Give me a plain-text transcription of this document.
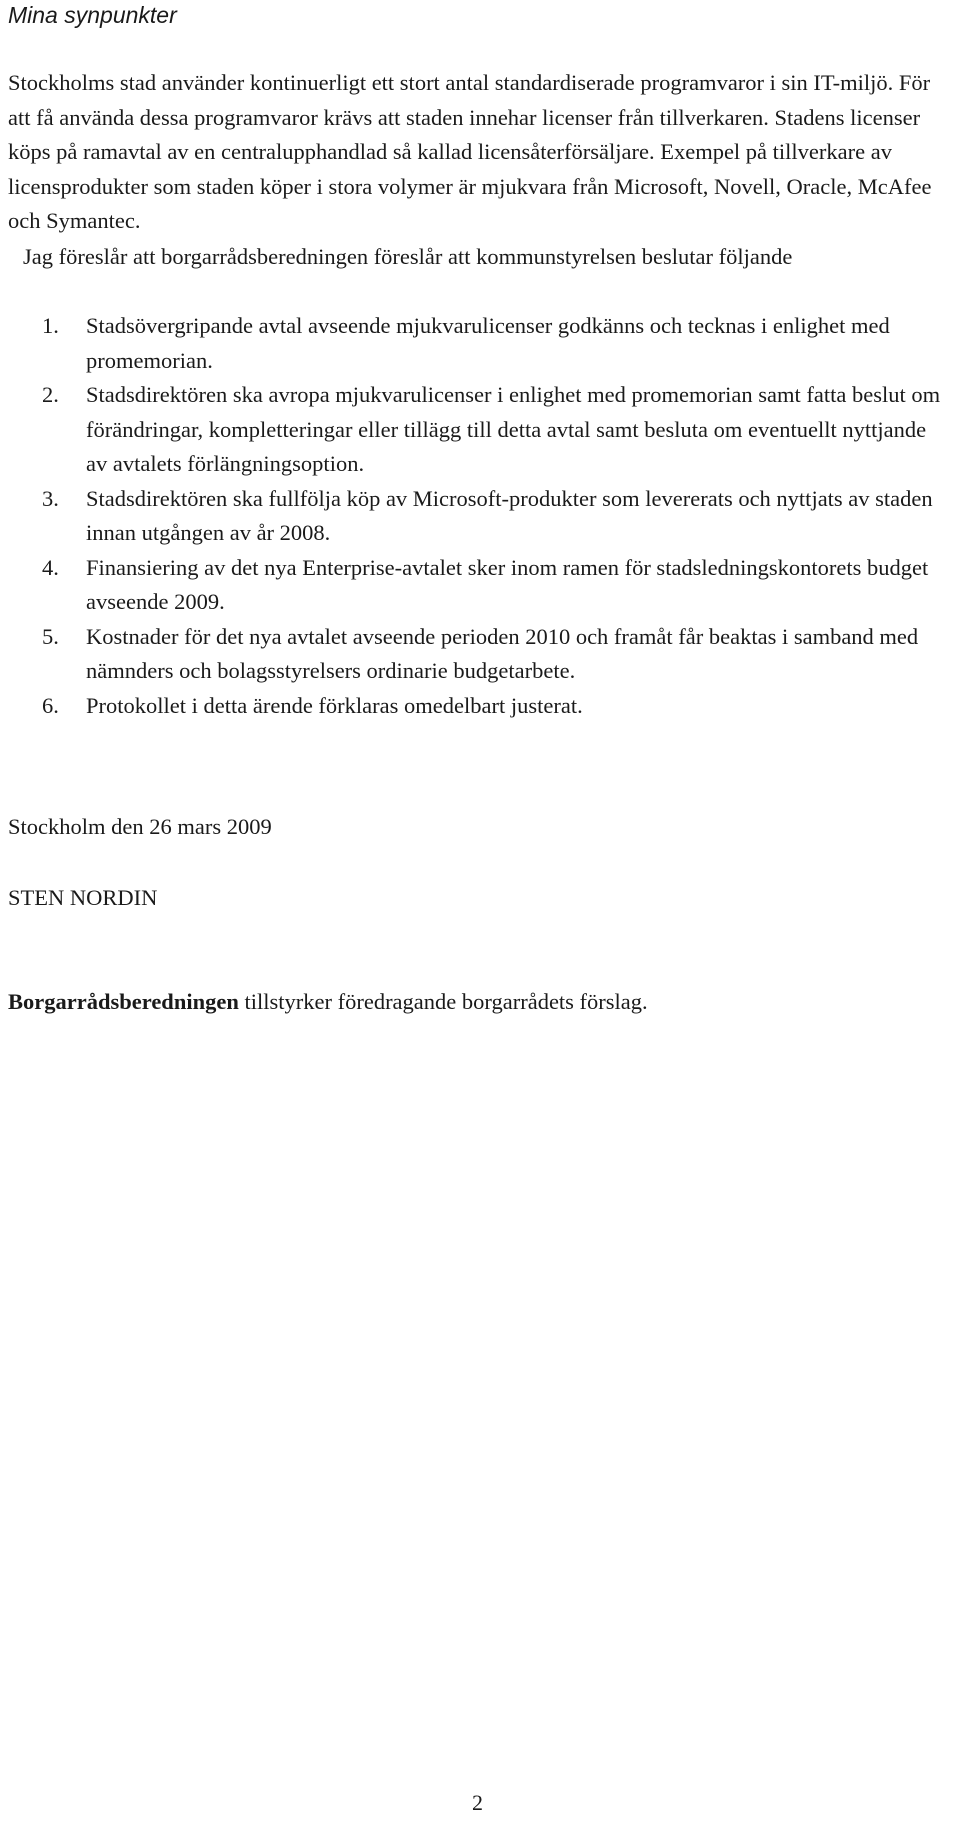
Mina synpunkter

Stockholms stad använder kontinuerligt ett stort antal standardiserade programvaror i sin IT-miljö. För att få använda dessa programvaror krävs att staden innehar licenser från tillverkaren. Stadens licenser köps på ramavtal av en centralupphandlad så kallad licensåterförsäljare. Exempel på tillverkare av licensprodukter som staden köper i stora volymer är mjukvara från Microsoft, Novell, Oracle, McAfee och Symantec.

Jag föreslår att borgarrådsberedningen föreslår att kommunstyrelsen beslutar följande

1. Stadsövergripande avtal avseende mjukvarulicenser godkänns och tecknas i enlighet med promemorian.
2. Stadsdirektören ska avropa mjukvarulicenser i enlighet med promemorian samt fatta beslut om förändringar, kompletteringar eller tillägg till detta avtal samt besluta om eventuellt nyttjande av avtalets förlängningsoption.
3. Stadsdirektören ska fullfölja köp av Microsoft-produkter som levererats och nyttjats av staden innan utgången av år 2008.
4. Finansiering av det nya Enterprise-avtalet sker inom ramen för stadsledningskontorets budget avseende 2009.
5. Kostnader för det nya avtalet avseende perioden 2010 och framåt får beaktas i samband med nämnders och bolagsstyrelsers ordinarie budgetarbete.
6. Protokollet i detta ärende förklaras omedelbart justerat.

Stockholm den 26 mars 2009

STEN NORDIN

Borgarrådsberedningen tillstyrker föredragande borgarrådets förslag.

2
